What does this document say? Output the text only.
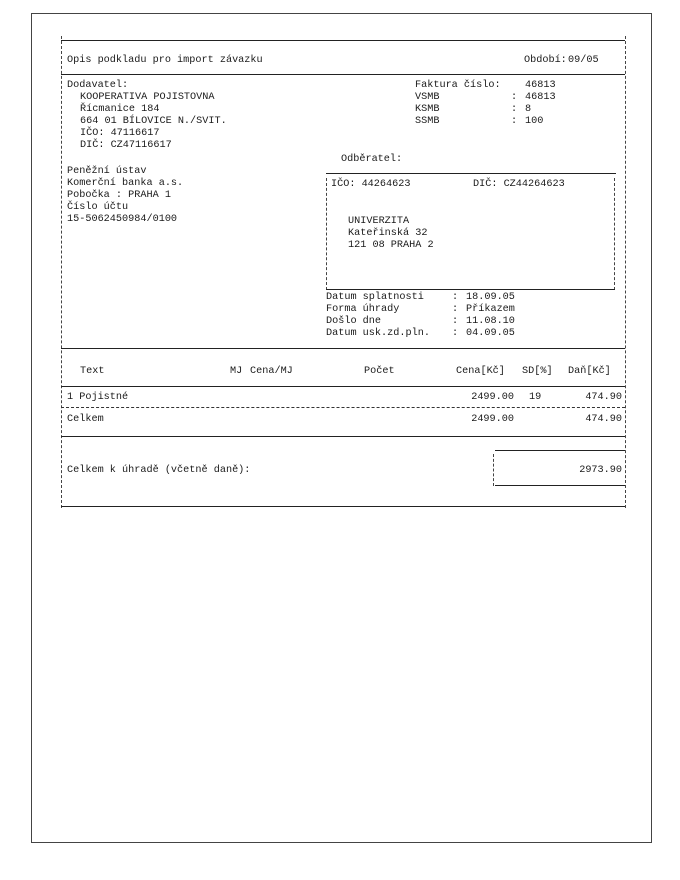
Opis podkladu pro import závazku	Období: 09/05
Dodavatel:
KOOPERATIVA POJISTOVNA
Řícmanice 184
664 01 BÍLOVICE N./SVIT.
IČO: 47116617
DIČ: CZ47116617
Faktura číslo: 46813
VSMB	: 46813
KSMB	: 8
SSMB	: 100
Odběratel:
Peněžní ústav
Komerční banka a.s.
Pobočka : PRAHA 1
Číslo účtu
15-5062450984/0100
IČO: 44264623	DIČ: CZ44264623
UNIVERZITA
Kateřinská 32
121 08 PRAHA 2
Datum splatnosti	: 18.09.05
Forma úhrady	: Příkazem
Došlo dne	: 11.08.10
Datum usk.zd.pln. : 04.09.05
Text	MJ Cena/MJ	Počet	Cena[Kč] SD[%] Daň[Kč]
1 Pojistné	2499.00 19	474.90
Celkem	2499.00	474.90
Celkem k úhradě (včetně daně):	2973.90
